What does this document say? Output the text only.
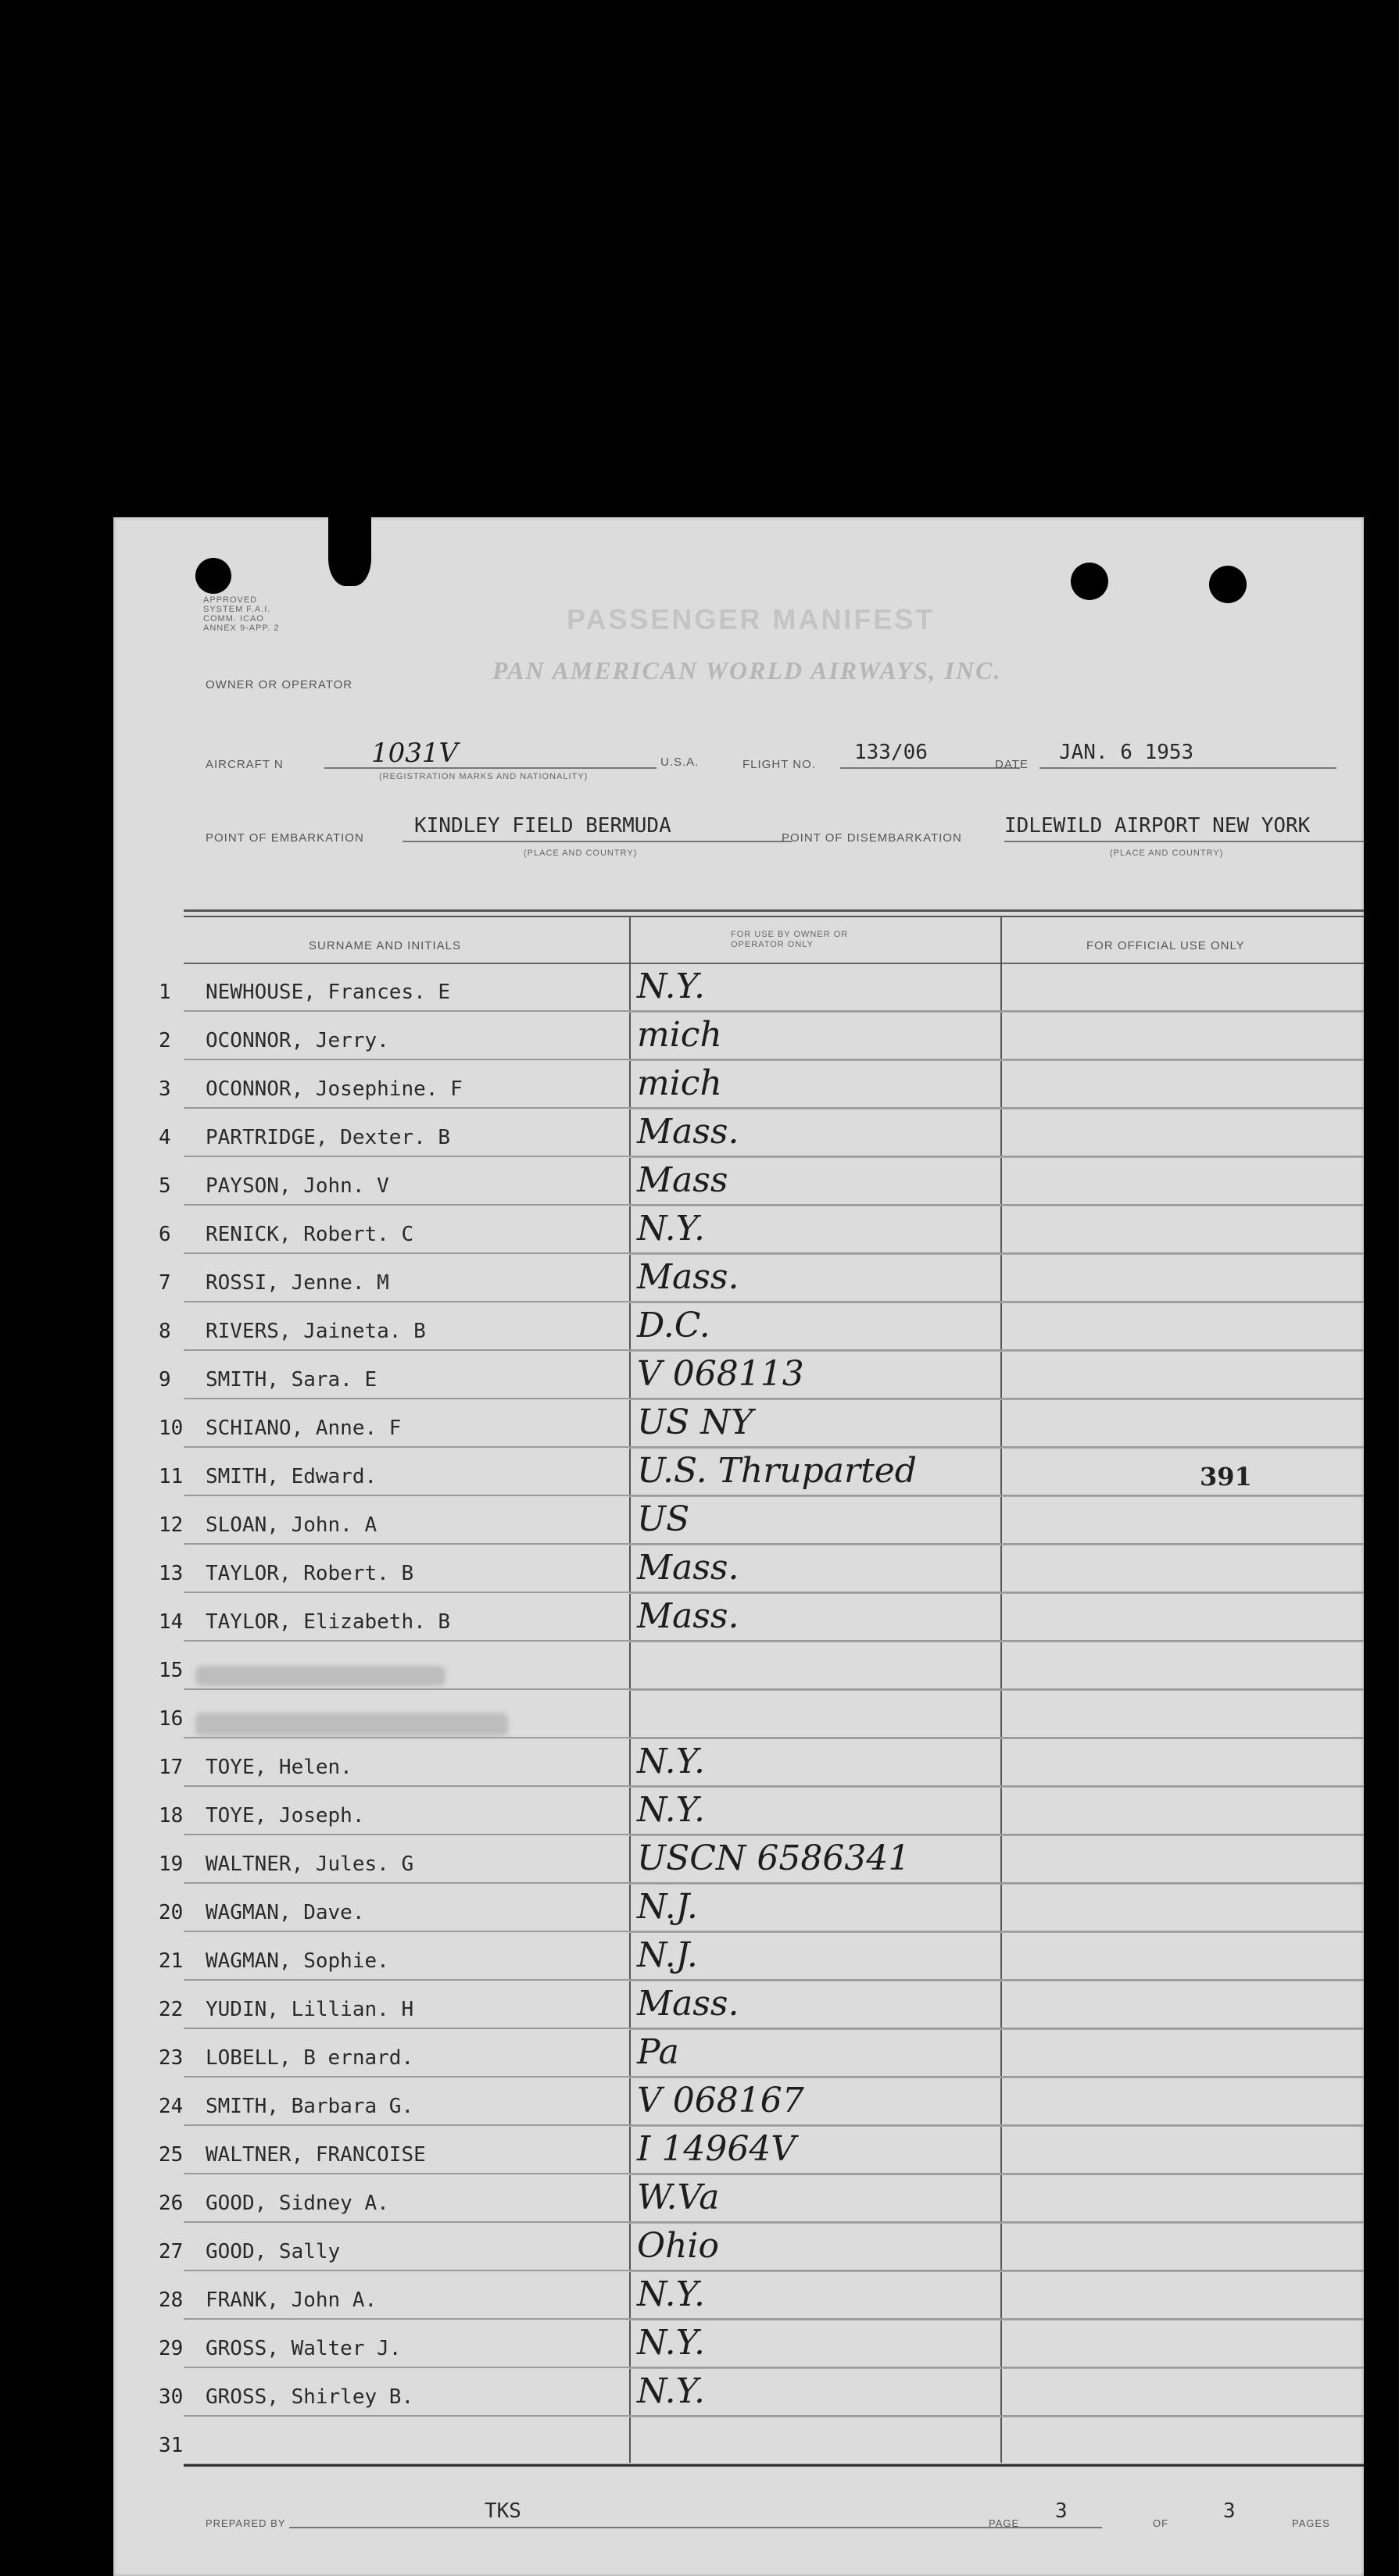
APPROVED SYSTEM F.A.I. COMM. ICAO ANNEX 9-APP. 2	PASSENGER MANIFEST
OWNER OR OPERATOR
PAN AMERICAN WORLD AIRWAYS, INC.
AIRCRAFT N	1031V
(REGISTRATION MARKS AND NATIONALITY)
U.S.A.	FLIGHT NO.
133/06
DATE
JAN. 6 1953
POINT OF EMBARKATION
KINDLEY FIELD BERMUDA
(PLACE AND COUNTRY)
POINT OF DISEMBARKATION
IDLEWILD AIRPORT NEW YORK
(PLACE AND COUNTRY)
SURNAME AND INITIALS
FOR USE BY OWNER OR OPERATOR ONLY	FOR OFFICIAL USE ONLY
1 NEWHOUSE, Frances. E	N.Y.
2 OCONNOR, Jerry.	mich
3 OCONNOR, Josephine. F	mich
4 PARTRIDGE, Dexter. B	Mass.
5 PAYSON, John. V	Mass
6 RENICK, Robert. C	N.Y.
7 ROSSI, Jenne. M	Mass.
8 RIVERS, Jaineta. B	D.C.
9 SMITH, Sara. E	V 068113
10 SCHIANO, Anne. F	US NY
11 SMITH, Edward.	U.S. Thruparted	391
12 SLOAN, John. A	US
13 TAYLOR, Robert. B	Mass.
14 TAYLOR, Elizabeth. B	Mass.
15
16
17 TOYE, Helen.	N.Y.
18 TOYE, Joseph.	N.Y.
19 WALTNER, Jules. G	USCN 6586341
20 WAGMAN, Dave.	N.J.
21 WAGMAN, Sophie.	N.J.
22 YUDIN, Lillian. H	Mass.
23 LOBELL, B ernard.	Pa
24 SMITH, Barbara G.	V 068167
25 WALTNER, FRANCOISE	I 14964V
26 GOOD, Sidney A.	W.Va
27 GOOD, Sally	Ohio
28 FRANK, John A.	N.Y.
29 GROSS, Walter J.	N.Y.
30 GROSS, Shirley B.	N.Y.
31
PREPARED BY
TKS
PAGE
3
OF
3
PAGES
